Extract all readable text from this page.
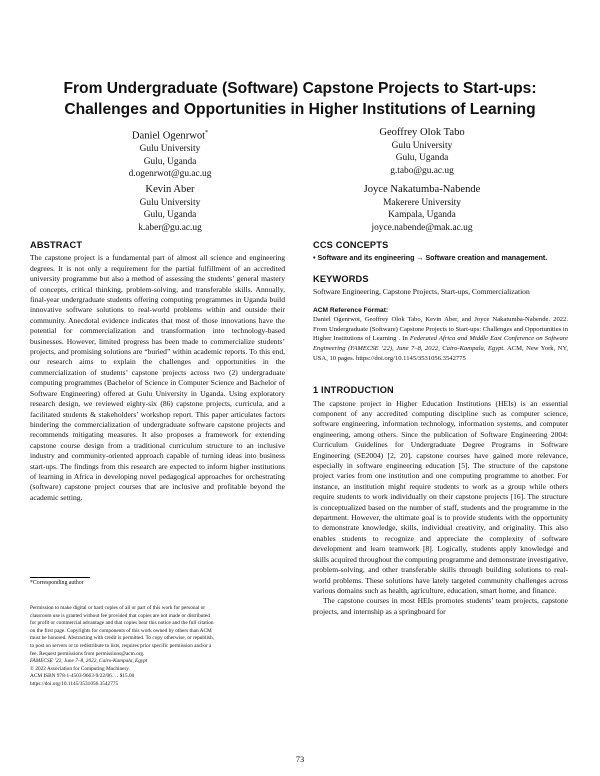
From Undergraduate (Software) Capstone Projects to Start-ups:
Challenges and Opportunities in Higher Institutions of Learning
Daniel Ogenrwot*
Gulu University
Gulu, Uganda
d.ogenrwot@gu.ac.ug
Geoffrey Olok Tabo
Gulu University
Gulu, Uganda
g.tabo@gu.ac.ug
Kevin Aber
Gulu University
Gulu, Uganda
k.aber@gu.ac.ug
Joyce Nakatumba-Nabende
Makerere University
Kampala, Uganda
joyce.nabende@mak.ac.ug
ABSTRACT

The capstone project is a fundamental part of almost all science and engineering degrees. It is not only a requirement for the partial fulfillment of an accredited university programme but also a method of assessing the students’ general mastery of concepts, critical thinking, problem-solving, and transferable skills. Annually, final-year undergraduate students offering computing programmes in Uganda build innovative software solutions to real-world problems within and outside their community. Anecdotal evidence indicates that most of those innovations have the potential for commercialization and transformation into technology-based businesses. However, limited progress has been made to commercialize students’ projects, and promising solutions are “buried” within academic reports. To this end, our research aims to explain the challenges and opportunities in the commercialization of students’ capstone projects across two (2) undergraduate computing programmes (Bachelor of Science in Computer Science and Bachelor of Software Engineering) offered at Gulu University in Uganda. Using exploratory research design, we reviewed eighty-six (86) capstone projects, curricula, and a facilitated students & stakeholders’ workshop report. This paper articulates factors hindering the commercialization of undergraduate software capstone projects and recommends mitigating measures. It also proposes a framework for extending capstone course design from a traditional curriculum structure to an inclusive industry and community-oriented approach capable of turning ideas into business start-ups. The findings from this research are expected to inform higher institutions of learning in Africa in developing novel pedagogical approaches for orchestrating (software) capstone project courses that are inclusive and profitable beyond the academic setting.

*Corresponding author
Permission to make digital or hard copies of all or part of this work for personal or
classroom use is granted without fee provided that copies are not made or distributed
for profit or commercial advantage and that copies bear this notice and the full citation
on the first page. Copyrights for components of this work owned by others than ACM
must be honored. Abstracting with credit is permitted. To copy otherwise, or republish,
to post on servers or to redistribute to lists, requires prior specific permission and/or a
fee. Request permissions from permissions@acm.org.
FAMECSE ’22, June 7–8, 2022, Cairo-Kampala, Egypt
© 2022 Association for Computing Machinery.
ACM ISBN 978-1-4503-9663-9/22/06. . . $15.00
https://doi.org/10.1145/3531056.3542775
CCS CONCEPTS

• Software and its engineering → Software creation and management.

KEYWORDS

Software Engineering, Capstone Projects, Start-ups, Commercialization

ACM Reference Format:

Daniel Ogenrwot, Geoffrey Olok Tabo, Kevin Aber, and Joyce Nakatumba-Nabende. 2022. From Undergraduate (Software) Capstone Projects to Start-ups: Challenges and Opportunities in Higher Institutions of Learning . In Federated Africa and Middle East Conference on Software Engineering (FAMECSE ’22), June 7–8, 2022, Cairo-Kampala, Egypt. ACM, New York, NY, USA, 10 pages. https://doi.org/10.1145/3531056.3542775

1 INTRODUCTION

The capstone project in Higher Education Institutions (HEIs) is an essential component of any accredited computing discipline such as computer science, software engineering, information technology, information systems, and computer engineering, among others. Since the publication of Software Engineering 2004: Curriculum Guidelines for Undergraduate Degree Programs in Software Engineering (SE2004) [2, 20], capstone courses have gained more relevance, especially in software engineering education [5]. The structure of the capstone project varies from one institution and one computing programme to another. For instance, an institution might require students to work as a group while others require students to work individually on their capstone projects [16]. The structure is conceptualized based on the number of staff, students and the programme in the department. However, the ultimate goal is to provide students with the opportunity to demonstrate knowledge, skills, individual creativity, and originality. This also enables students to recognize and appreciate the complexity of software development and learn teamwork [8]. Logically, students apply knowledge and skills acquired throughout the computing programme and demonstrate investigative, problem-solving, and other transferable skills through building solutions to real-world problems. These solutions have lately targeted community challenges across various domains such as health, agriculture, education, smart home, and finance.

The capstone courses in most HEIs promotes students’ team projects, capstone projects, and internship as a springboard for

73
